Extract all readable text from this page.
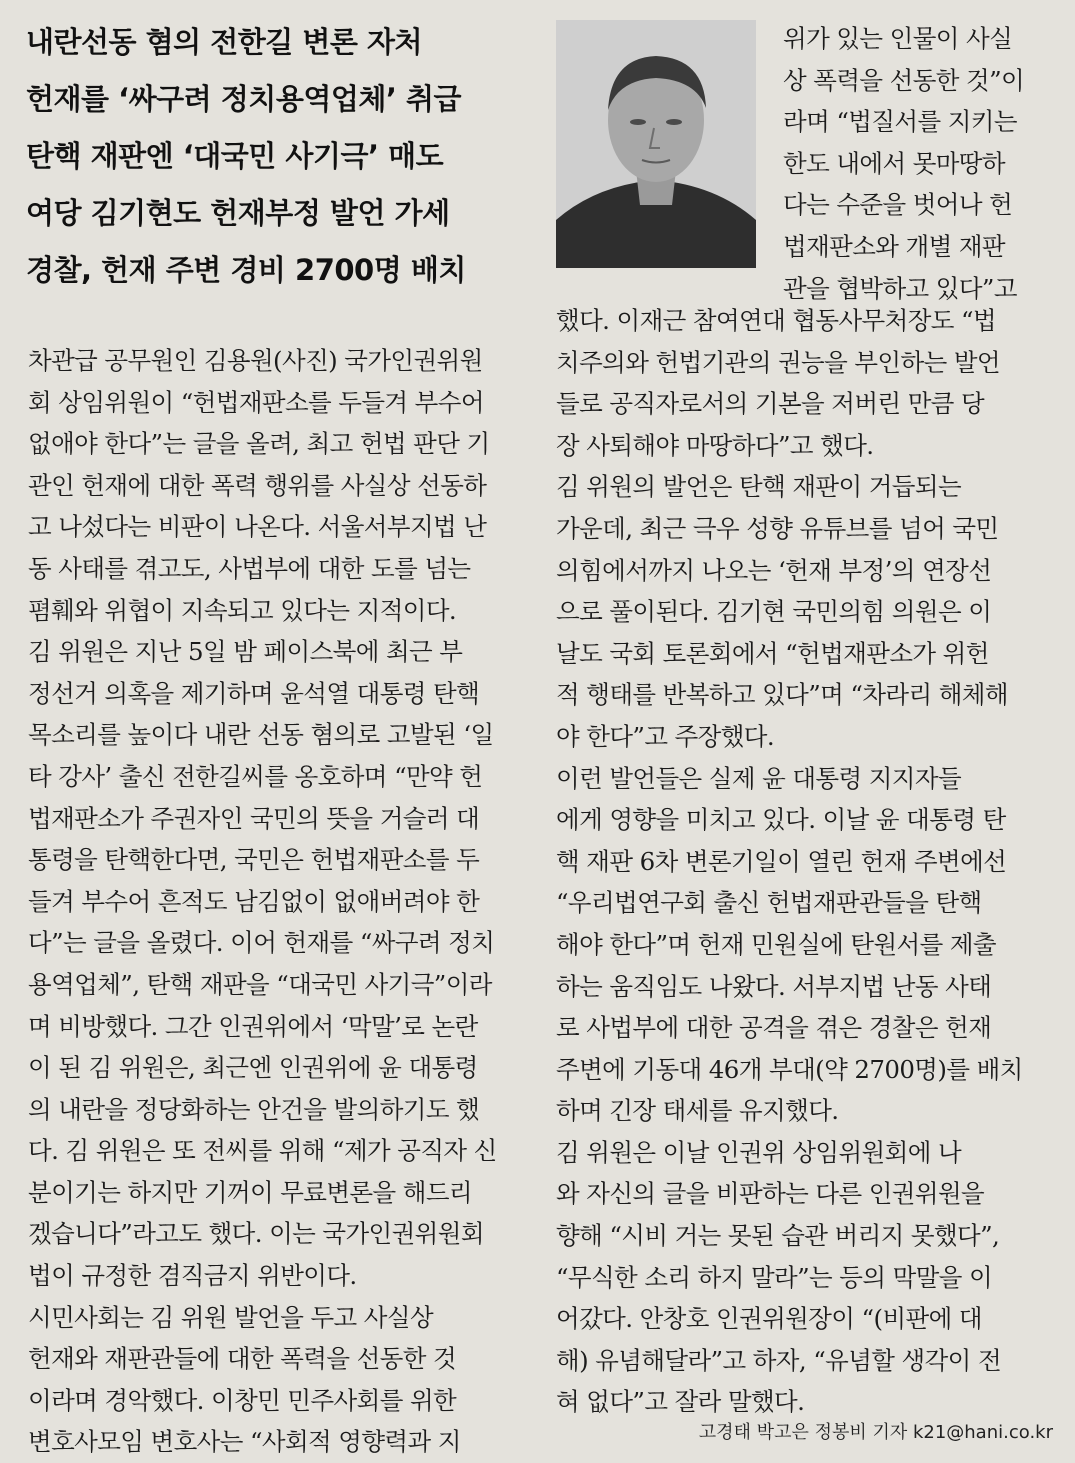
내란선동 혐의 전한길 변론 자처
헌재를 ‘싸구려 정치용역업체’ 취급
탄핵 재판엔 ‘대국민 사기극’ 매도
여당 김기현도 헌재부정 발언 가세
경찰, 헌재 주변 경비 2700명 배치
위가 있는 인물이 사실
상 폭력을 선동한 것”이
라며 “법질서를 지키는
한도 내에서 못마땅하
다는 수준을 벗어나 헌
법재판소와 개별 재판
관을 협박하고 있다”고
차관급 공무원인 김용원(사진) 국가인권위원
회 상임위원이 “헌법재판소를 두들겨 부수어
없애야 한다”는 글을 올려, 최고 헌법 판단 기
관인 헌재에 대한 폭력 행위를 사실상 선동하
고 나섰다는 비판이 나온다. 서울서부지법 난
동 사태를 겪고도, 사법부에 대한 도를 넘는
폄훼와 위협이 지속되고 있다는 지적이다.
김 위원은 지난 5일 밤 페이스북에 최근 부
정선거 의혹을 제기하며 윤석열 대통령 탄핵
목소리를 높이다 내란 선동 혐의로 고발된 ‘일
타 강사’ 출신 전한길씨를 옹호하며 “만약 헌
법재판소가 주권자인 국민의 뜻을 거슬러 대
통령을 탄핵한다면, 국민은 헌법재판소를 두
들겨 부수어 흔적도 남김없이 없애버려야 한
다”는 글을 올렸다. 이어 헌재를 “싸구려 정치
용역업체”, 탄핵 재판을 “대국민 사기극”이라
며 비방했다. 그간 인권위에서 ‘막말’로 논란
이 된 김 위원은, 최근엔 인권위에 윤 대통령
의 내란을 정당화하는 안건을 발의하기도 했
다. 김 위원은 또 전씨를 위해 “제가 공직자 신
분이기는 하지만 기꺼이 무료변론을 해드리
겠습니다”라고도 했다. 이는 국가인권위원회
법이 규정한 겸직금지 위반이다.
시민사회는 김 위원 발언을 두고 사실상
헌재와 재판관들에 대한 폭력을 선동한 것
이라며 경악했다. 이창민 민주사회를 위한
변호사모임 변호사는 “사회적 영향력과 지
했다. 이재근 참여연대 협동사무처장도 “법
치주의와 헌법기관의 권능을 부인하는 발언
들로 공직자로서의 기본을 저버린 만큼 당
장 사퇴해야 마땅하다”고 했다.
김 위원의 발언은 탄핵 재판이 거듭되는
가운데, 최근 극우 성향 유튜브를 넘어 국민
의힘에서까지 나오는 ‘헌재 부정’의 연장선
으로 풀이된다. 김기현 국민의힘 의원은 이
날도 국회 토론회에서 “헌법재판소가 위헌
적 행태를 반복하고 있다”며 “차라리 해체해
야 한다”고 주장했다.
이런 발언들은 실제 윤 대통령 지지자들
에게 영향을 미치고 있다. 이날 윤 대통령 탄
핵 재판 6차 변론기일이 열린 헌재 주변에선
“우리법연구회 출신 헌법재판관들을 탄핵
해야 한다”며 헌재 민원실에 탄원서를 제출
하는 움직임도 나왔다. 서부지법 난동 사태
로 사법부에 대한 공격을 겪은 경찰은 헌재
주변에 기동대 46개 부대(약 2700명)를 배치
하며 긴장 태세를 유지했다.
김 위원은 이날 인권위 상임위원회에 나
와 자신의 글을 비판하는 다른 인권위원을
향해 “시비 거는 못된 습관 버리지 못했다”,
“무식한 소리 하지 말라”는 등의 막말을 이
어갔다. 안창호 인권위원장이 “(비판에 대
해) 유념해달라”고 하자, “유념할 생각이 전
혀 없다”고 잘라 말했다.
고경태 박고은 정봉비 기자 k21@hani.co.kr
